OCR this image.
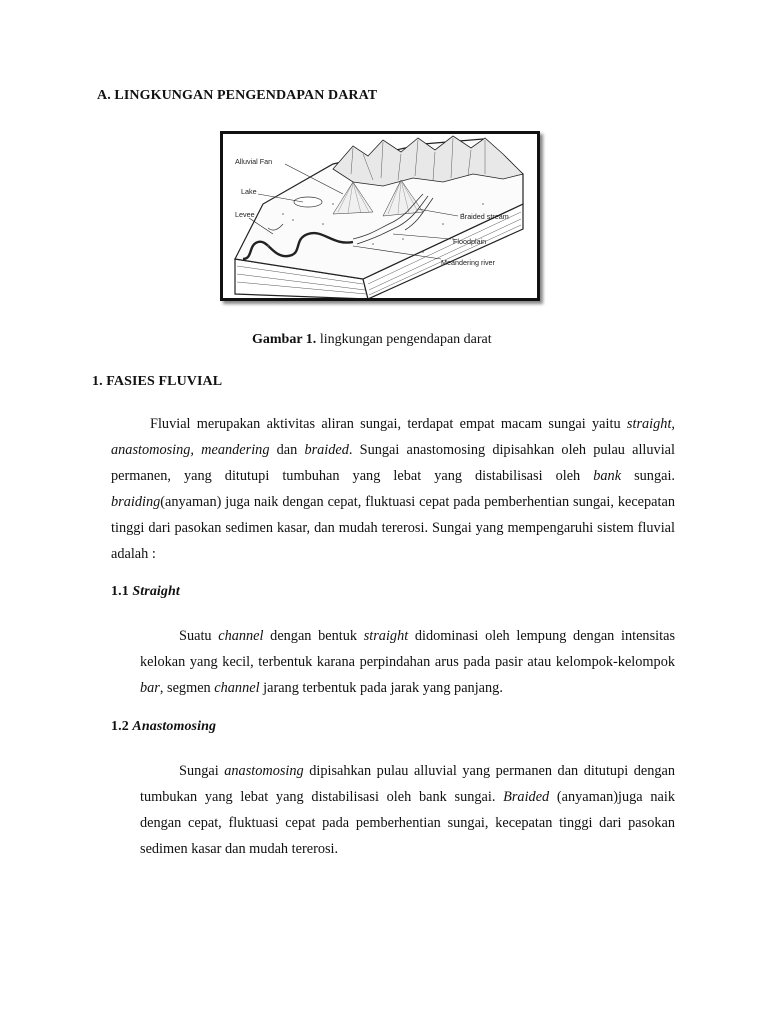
A. LINGKUNGAN PENGENDAPAN DARAT
Alluvial Fan
Lake
Levee	Braided stream
Floodplain
Meandering river
Gambar 1. lingkungan pengendapan darat
1. FASIES FLUVIAL

Fluvial merupakan aktivitas aliran sungai, terdapat empat macam sungai yaitu straight, anastomosing, meandering dan braided. Sungai anastomosing dipisahkan oleh pulau alluvial permanen, yang ditutupi tumbuhan yang lebat yang distabilisasi oleh bank sungai. braiding(anyaman) juga naik dengan cepat, fluktuasi cepat pada pemberhentian sungai, kecepatan tinggi dari pasokan sedimen kasar, dan mudah tererosi. Sungai yang mempengaruhi sistem fluvial adalah :

1.1 Straight

Suatu channel dengan bentuk straight didominasi oleh lempung dengan intensitas kelokan yang kecil, terbentuk karana perpindahan arus pada pasir atau kelompok-kelompok bar, segmen channel jarang terbentuk pada jarak yang panjang.

1.2 Anastomosing

Sungai anastomosing dipisahkan pulau alluvial yang permanen dan ditutupi dengan tumbukan yang lebat yang distabilisasi oleh bank sungai. Braided (anyaman)juga naik dengan cepat, fluktuasi cepat pada pemberhentian sungai, kecepatan tinggi dari pasokan sedimen kasar dan mudah tererosi.
